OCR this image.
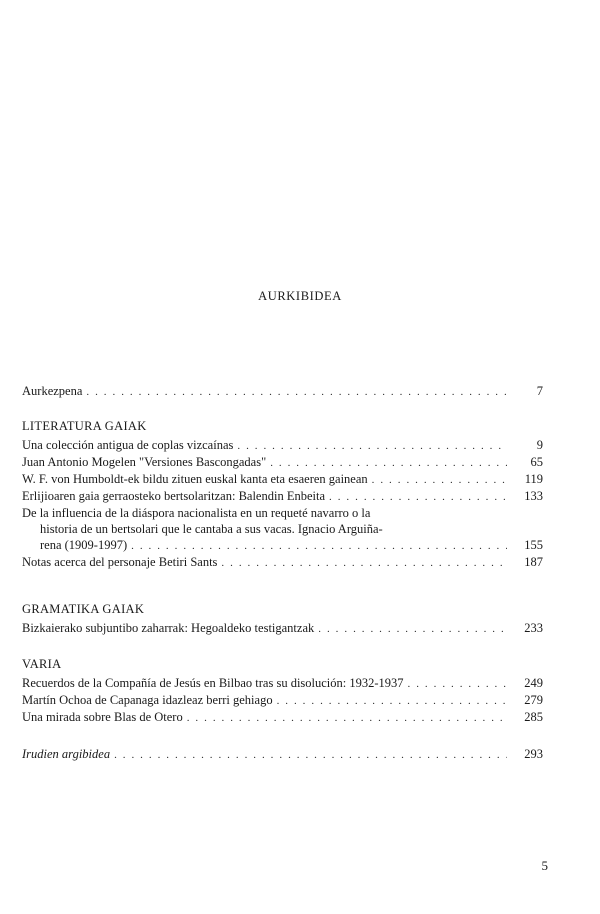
AURKIBIDEA
Aurkezpena . . .	7
LITERATURA GAIAK
Una colección antigua de coplas vizcaínas . . .	9
Juan Antonio Mogelen "Versiones Bascongadas" . . .	65
W. F. von Humboldt-ek bildu zituen euskal kanta eta esaeren gainean . . .	119
Erlijioaren gaia gerraosteko bertsolaritzan: Balendin Enbeita . . .	133
De la influencia de la diáspora nacionalista en un requeté navarro o la
historia de un bertsolari que le cantaba a sus vacas. Ignacio Arguiña-
rena (1909-1997) . . .	155
Notas acerca del personaje Betiri Sants . . .	187
GRAMATIKA GAIAK
Bizkaierako subjuntibo zaharrak: Hegoaldeko testigantzak . . .	233
VARIA
Recuerdos de la Compañía de Jesús en Bilbao tras su disolución: 1932-1937 . . .	249
Martín Ochoa de Capanaga idazleaz berri gehiago . . .	279
Una mirada sobre Blas de Otero . . .	285
Irudien argibidea . . .	293
5
